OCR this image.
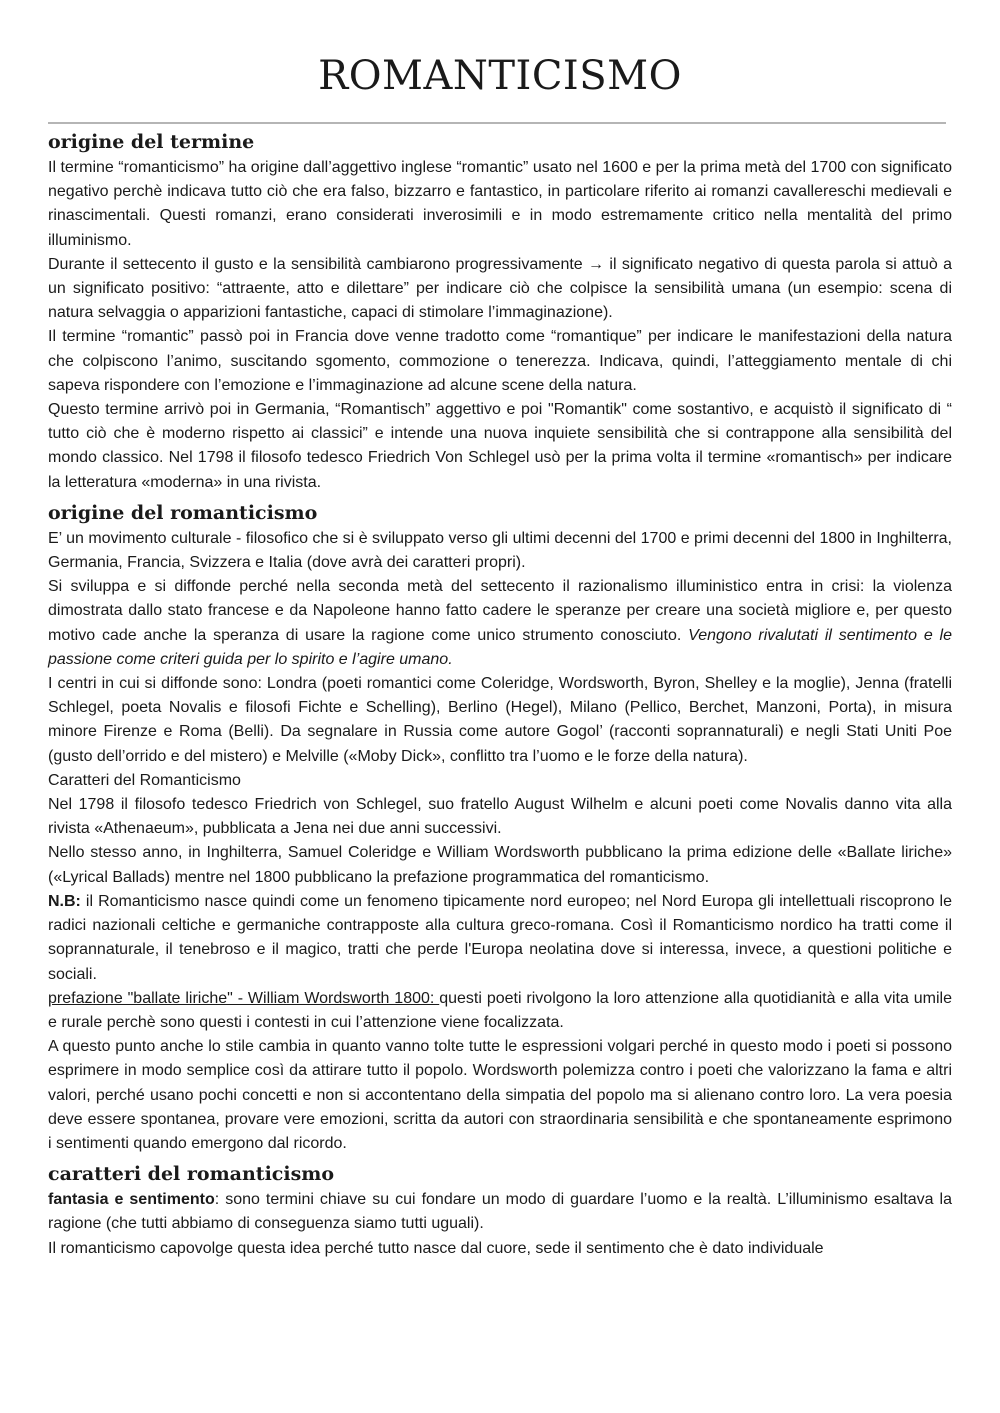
ROMANTICISMO
origine del termine

Il termine “romanticismo” ha origine dall’aggettivo inglese “romantic” usato nel 1600 e per la prima metà del 1700 con significato negativo perchè indicava tutto ciò che era falso, bizzarro e fantastico, in particolare riferito ai romanzi cavallereschi medievali e rinascimentali. Questi romanzi, erano considerati inverosimili e in modo estremamente critico nella mentalità del primo illuminismo.

Durante il settecento il gusto e la sensibilità cambiarono progressivamente → il significato negativo di questa parola si attuò a un significato positivo: “attraente, atto e dilettare” per indicare ciò che colpisce la sensibilità umana (un esempio: scena di natura selvaggia o apparizioni fantastiche, capaci di stimolare l’immaginazione).

Il termine “romantic” passò poi in Francia dove venne tradotto come “romantique” per indicare le manifestazioni della natura che colpiscono l’animo, suscitando sgomento, commozione o tenerezza. Indicava, quindi, l’atteggiamento mentale di chi sapeva rispondere con l’emozione e l’immaginazione ad alcune scene della natura.

Questo termine arrivò poi in Germania, “Romantisch” aggettivo e poi "Romantik" come sostantivo, e acquistò il significato di “ tutto ciò che è moderno rispetto ai classici” e intende una nuova inquiete sensibilità che si contrappone alla sensibilità del mondo classico. Nel 1798 il filosofo tedesco Friedrich Von Schlegel usò per la prima volta il termine «romantisch» per indicare la letteratura «moderna» in una rivista.

origine del romanticismo

E’ un movimento culturale - filosofico che si è sviluppato verso gli ultimi decenni del 1700 e primi decenni del 1800 in Inghilterra, Germania, Francia, Svizzera e Italia (dove avrà dei caratteri propri).

Si sviluppa e si diffonde perché nella seconda metà del settecento il razionalismo illuministico entra in crisi: la violenza dimostrata dallo stato francese e da Napoleone hanno fatto cadere le speranze per creare una società migliore e, per questo motivo cade anche la speranza di usare la ragione come unico strumento conosciuto. Vengono rivalutati il sentimento e le passione come criteri guida per lo spirito e l’agire umano.

I centri in cui si diffonde sono: Londra (poeti romantici come Coleridge, Wordsworth, Byron, Shelley e la moglie), Jenna (fratelli Schlegel, poeta Novalis e filosofi Fichte e Schelling), Berlino (Hegel), Milano (Pellico, Berchet, Manzoni, Porta), in misura minore Firenze e Roma (Belli). Da segnalare in Russia come autore Gogol’ (racconti soprannaturali) e negli Stati Uniti Poe (gusto dell’orrido e del mistero) e Melville («Moby Dick», conflitto tra l’uomo e le forze della natura).

Caratteri del Romanticismo

Nel 1798 il filosofo tedesco Friedrich von Schlegel, suo fratello August Wilhelm e alcuni poeti come Novalis danno vita alla rivista «Athenaeum», pubblicata a Jena nei due anni successivi.

Nello stesso anno, in Inghilterra, Samuel Coleridge e William Wordsworth pubblicano la prima edizione delle «Ballate liriche» («Lyrical Ballads) mentre nel 1800 pubblicano la prefazione programmatica del romanticismo.

N.B: il Romanticismo nasce quindi come un fenomeno tipicamente nord europeo; nel Nord Europa gli intellettuali riscoprono le radici nazionali celtiche e germaniche contrapposte alla cultura greco-romana. Così il Romanticismo nordico ha tratti come il soprannaturale, il tenebroso e il magico, tratti che perde l'Europa neolatina dove si interessa, invece, a questioni politiche e sociali.

prefazione "ballate liriche" - William Wordsworth 1800: questi poeti rivolgono la loro attenzione alla quotidianità e alla vita umile e rurale perchè sono questi i contesti in cui l’attenzione viene focalizzata.

A questo punto anche lo stile cambia in quanto vanno tolte tutte le espressioni volgari perché in questo modo i poeti si possono esprimere in modo semplice così da attirare tutto il popolo. Wordsworth polemizza contro i poeti che valorizzano la fama e altri valori, perché usano pochi concetti e non si accontentano della simpatia del popolo ma si alienano contro loro. La vera poesia deve essere spontanea, provare vere emozioni, scritta da autori con straordinaria sensibilità e che spontaneamente esprimono i sentimenti quando emergono dal ricordo.

caratteri del romanticismo

fantasia e sentimento: sono termini chiave su cui fondare un modo di guardare l’uomo e la realtà. L’illuminismo esaltava la ragione (che tutti abbiamo di conseguenza siamo tutti uguali).

Il romanticismo capovolge questa idea perché tutto nasce dal cuore, sede il sentimento che è dato individuale
